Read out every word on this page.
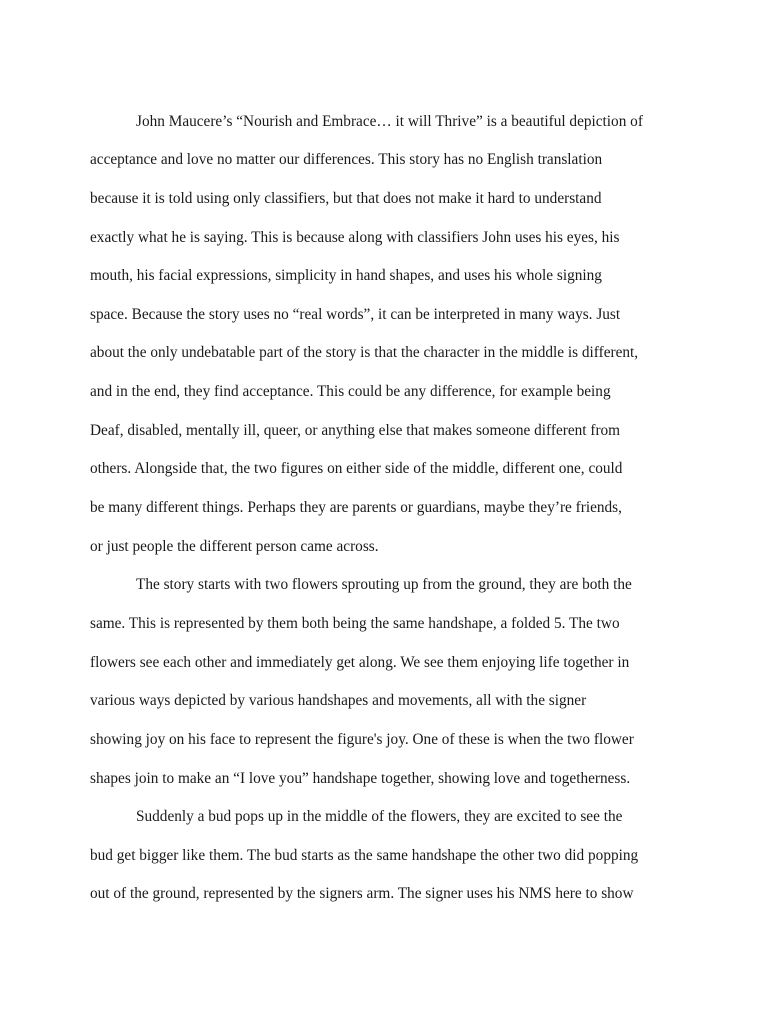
John Maucere’s “Nourish and Embrace… it will Thrive” is a beautiful depiction of
acceptance and love no matter our differences. This story has no English translation
because it is told using only classifiers, but that does not make it hard to understand
exactly what he is saying. This is because along with classifiers John uses his eyes, his
mouth, his facial expressions, simplicity in hand shapes, and uses his whole signing
space. Because the story uses no “real words”, it can be interpreted in many ways. Just
about the only undebatable part of the story is that the character in the middle is different,
and in the end, they find acceptance. This could be any difference, for example being
Deaf, disabled, mentally ill, queer, or anything else that makes someone different from
others. Alongside that, the two figures on either side of the middle, different one, could
be many different things. Perhaps they are parents or guardians, maybe they’re friends,
or just people the different person came across.
The story starts with two flowers sprouting up from the ground, they are both the
same. This is represented by them both being the same handshape, a folded 5. The two
flowers see each other and immediately get along. We see them enjoying life together in
various ways depicted by various handshapes and movements, all with the signer
showing joy on his face to represent the figure's joy. One of these is when the two flower
shapes join to make an “I love you” handshape together, showing love and togetherness.
Suddenly a bud pops up in the middle of the flowers, they are excited to see the
bud get bigger like them. The bud starts as the same handshape the other two did popping
out of the ground, represented by the signers arm. The signer uses his NMS here to show
